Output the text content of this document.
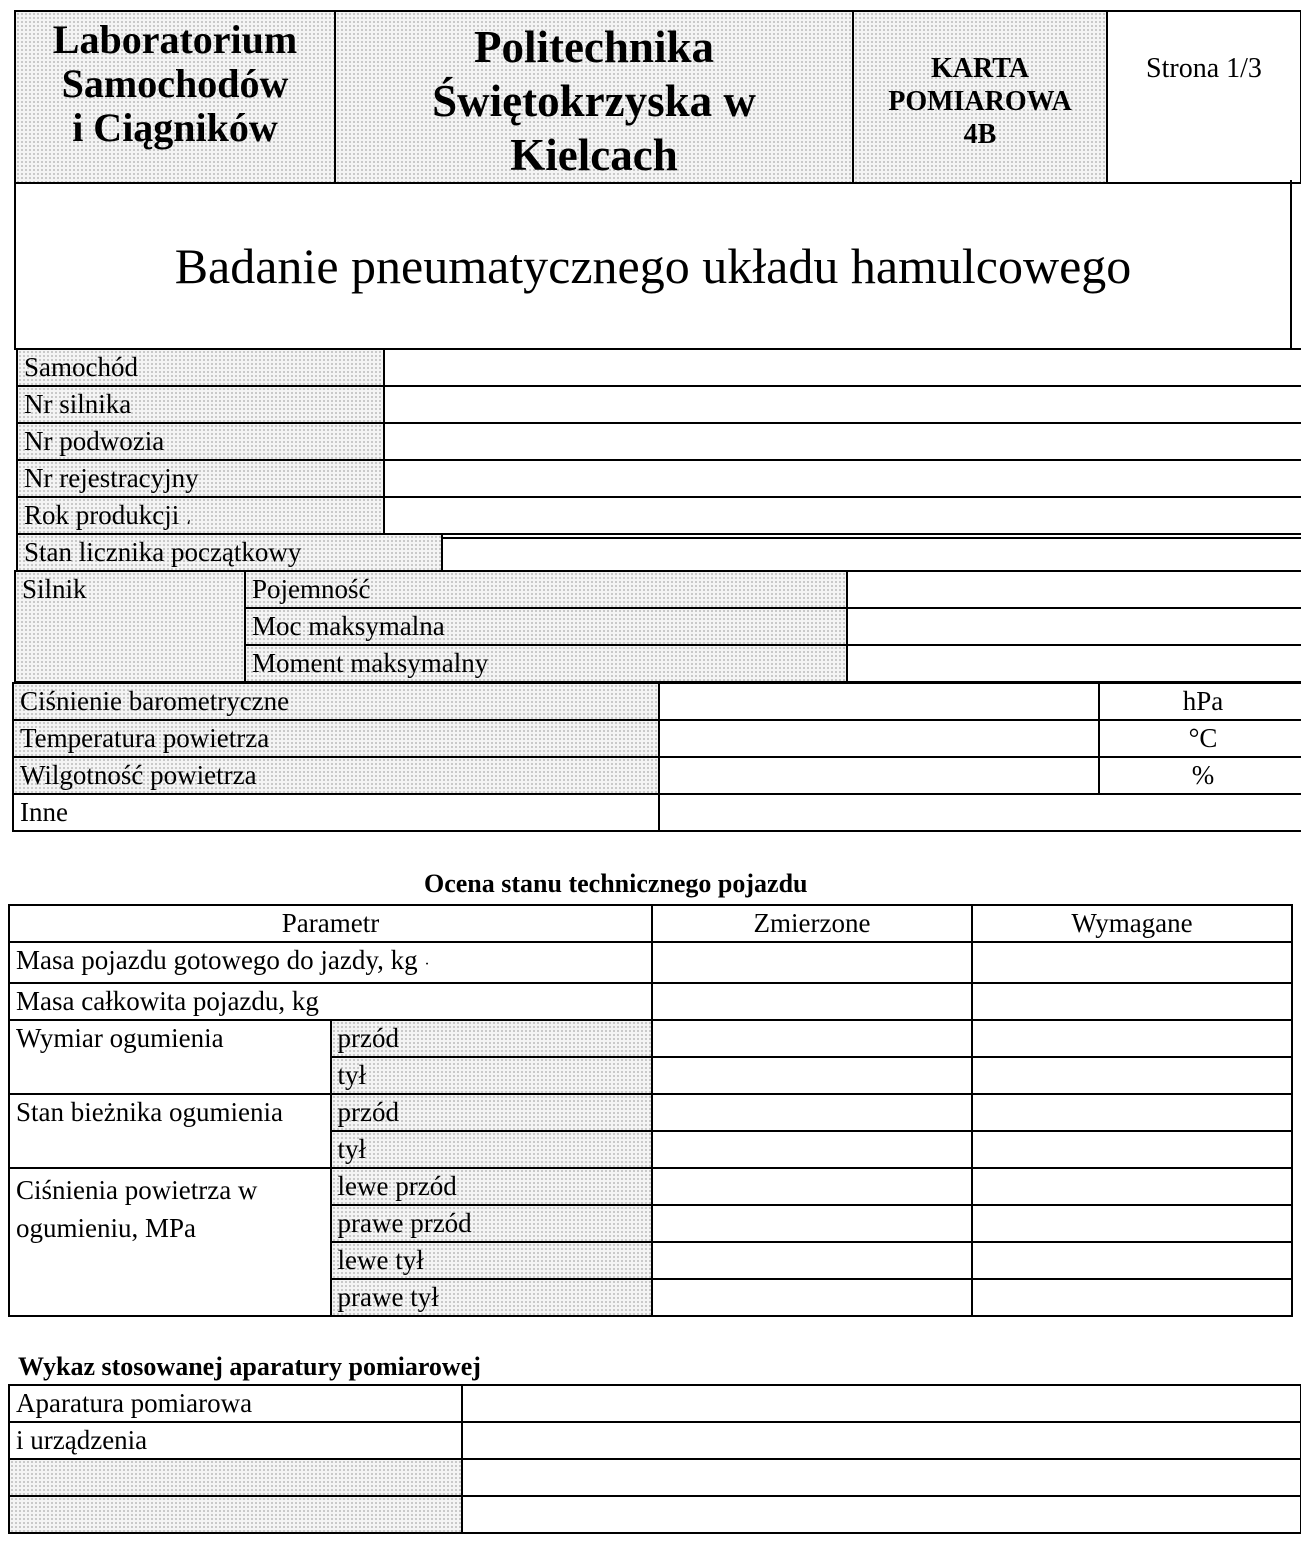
Laboratorium
Samochodów
i Ciągników

Politechnika
Świętokrzyska w
Kielcach

KARTA
POMIAROWA
4B
	Strona 1/3
Badanie pneumatycznego układu hamulcowego
Samochód	
Nr silnika	
Nr podwozia	
Nr rejestracyjny	
Rok produkcji ،	
Stan licznika początkowy	
Silnik	Pojemność	
	Moc maksymalna	
	Moment maksymalny	
Ciśnienie barometryczne		hPa
Temperatura powietrza		°C
Wilgotność powietrza		%
Inne		
Ocena stanu technicznego pojazdu
Parametr		Zmierzone	Wymagane
Masa pojazdu gotowego do jazdy, kg ·			
Masa całkowita pojazdu, kg			
Wymiar ogumienia	przód		
	tył		
Stan bieżnika ogumienia	przód		
	tył		
Ciśnienia powietrza w ogumieniu, MPa	lewe przód		
	prawe przód		
	lewe tył		
	prawe tył		
Wykaz stosowanej aparatury pomiarowej
Aparatura pomiarowa	
i urządzenia	
